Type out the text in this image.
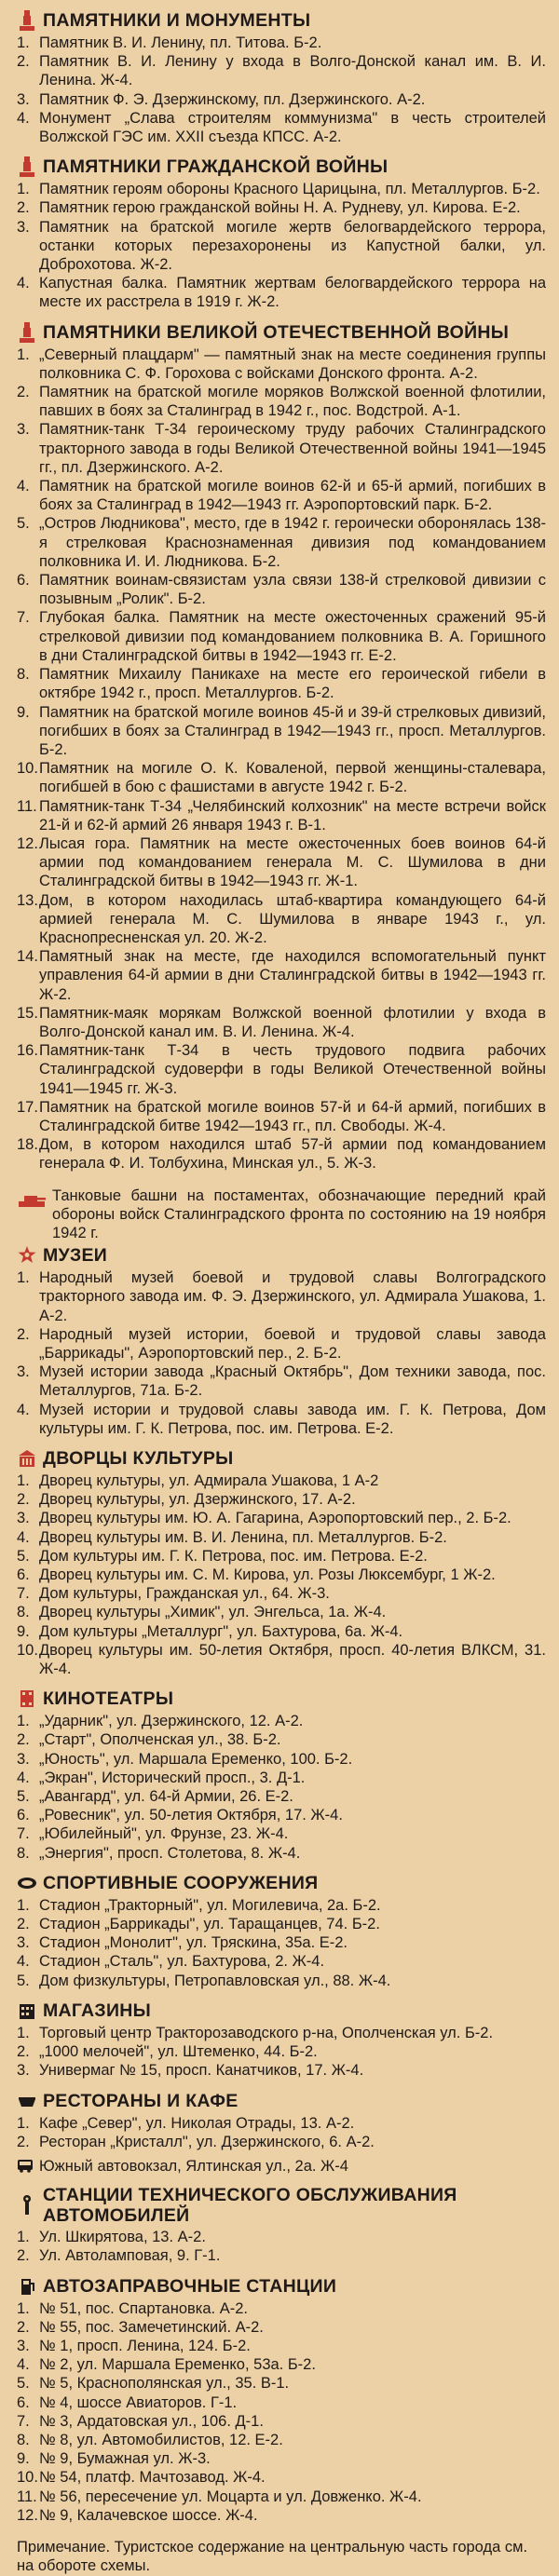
ПАМЯТНИКИ И МОНУМЕНТЫ
1. Памятник В. И. Ленину, пл. Титова. Б-2.
2. Памятник В. И. Ленину у входа в Волго-Донской канал им. В. И. Ленина. Ж-4.
3. Памятник Ф. Э. Дзержинскому, пл. Дзержинского. А-2.
4. Монумент „Слава строителям коммунизма" в честь строителей Волжской ГЭС им. XXII съезда КПСС. А-2.
ПАМЯТНИКИ ГРАЖДАНСКОЙ ВОЙНЫ
1. Памятник героям обороны Красного Царицына, пл. Металлургов. Б-2.
2. Памятник герою гражданской войны Н. А. Рудневу, ул. Кирова. Е-2.
3. Памятник на братской могиле жертв белогвардейского террора, останки которых перезахоронены из Капустной балки, ул. Доброхотова. Ж-2.
4. Капустная балка. Памятник жертвам белогвардейского террора на месте их расстрела в 1919 г. Ж-2.
ПАМЯТНИКИ ВЕЛИКОЙ ОТЕЧЕСТВЕННОЙ ВОЙНЫ
1. „Северный плацдарм" — памятный знак на месте соединения группы полковника С. Ф. Горохова с войсками Донского фронта. А-2.
2. Памятник на братской могиле моряков Волжской военной флотилии, павших в боях за Сталинград в 1942 г., пос. Водстрой. А-1.
3. Памятник-танк Т-34 героическому труду рабочих Сталинградского тракторного завода в годы Великой Отечественной войны 1941—1945 гг., пл. Дзержинского. А-2.
4. Памятник на братской могиле воинов 62-й и 65-й армий, погибших в боях за Сталинград в 1942—1943 гг. Аэропортовский парк. Б-2.
5. „Остров Людникова", место, где в 1942 г. героически оборонялась 138-я стрелковая Краснознаменная дивизия под командованием полковника И. И. Людникова. Б-2.
6. Памятник воинам-связистам узла связи 138-й стрелковой дивизии с позывным „Ролик". Б-2.
7. Глубокая балка. Памятник на месте ожесточенных сражений 95-й стрелковой дивизии под командованием полковника В. А. Горишного в дни Сталинградской битвы в 1942—1943 гг. Е-2.
8. Памятник Михаилу Паникахе на месте его героической гибели в октябре 1942 г., просп. Металлургов. Б-2.
9. Памятник на братской могиле воинов 45-й и 39-й стрелковых дивизий, погибших в боях за Сталинград в 1942—1943 гг., просп. Металлургов. Б-2.
10. Памятник на могиле О. К. Коваленой, первой женщины-сталевара, погибшей в бою с фашистами в августе 1942 г. Б-2.
11. Памятник-танк Т-34 „Челябинский колхозник" на месте встречи войск 21-й и 62-й армий 26 января 1943 г. В-1.
12. Лысая гора. Памятник на месте ожесточенных боев воинов 64-й армии под командованием генерала М. С. Шумилова в дни Сталинградской битвы в 1942—1943 гг. Ж-1.
13. Дом, в котором находилась штаб-квартира командующего 64-й армией генерала М. С. Шумилова в январе 1943 г., ул. Краснопресненская ул. 20. Ж-2.
14. Памятный знак на месте, где находился вспомогательный пункт управления 64-й армии в дни Сталинградской битвы в 1942—1943 гг. Ж-2.
15. Памятник-маяк морякам Волжской военной флотилии у входа в Волго-Донской канал им. В. И. Ленина. Ж-4.
16. Памятник-танк Т-34 в честь трудового подвига рабочих Сталинградской судоверфи в годы Великой Отечественной войны 1941—1945 гг. Ж-3.
17. Памятник на братской могиле воинов 57-й и 64-й армий, погибших в Сталинградской битве 1942—1943 гг., пл. Свободы. Ж-4.
18. Дом, в котором находился штаб 57-й армии под командованием генерала Ф. И. Толбухина, Минская ул., 5. Ж-3.
Танковые башни на постаментах, обозначающие передний край обороны войск Сталинградского фронта по состоянию на 19 ноября 1942 г.
МУЗЕИ
1. Народный музей боевой и трудовой славы Волгоградского тракторного завода им. Ф. Э. Дзержинского, ул. Адмирала Ушакова, 1. А-2.
2. Народный музей истории, боевой и трудовой славы завода „Баррикады", Аэропортовский пер., 2. Б-2.
3. Музей истории завода „Красный Октябрь", Дом техники завода, пос. Металлургов, 71а. Б-2.
4. Музей истории и трудовой славы завода им. Г. К. Петрова, Дом культуры им. Г. К. Петрова, пос. им. Петрова. Е-2.
ДВОРЦЫ КУЛЬТУРЫ
1. Дворец культуры, ул. Адмирала Ушакова, 1 А-2
2. Дворец культуры, ул. Дзержинского, 17. А-2.
3. Дворец культуры им. Ю. А. Гагарина, Аэропортовский пер., 2. Б-2.
4. Дворец культуры им. В. И. Ленина, пл. Металлургов. Б-2.
5. Дом культуры им. Г. К. Петрова, пос. им. Петрова. Е-2.
6. Дворец культуры им. С. М. Кирова, ул. Розы Люксембург, 1 Ж-2.
7. Дом культуры, Гражданская ул., 64. Ж-3.
8. Дворец культуры „Химик", ул. Энгельса, 1а. Ж-4.
9. Дом культуры „Металлург", ул. Бахтурова, 6а. Ж-4.
10. Дворец культуры им. 50-летия Октября, просп. 40-летия ВЛКСМ, 31. Ж-4.
КИНОТЕАТРЫ
1. „Ударник", ул. Дзержинского, 12. А-2.
2. „Старт", Ополченская ул., 38. Б-2.
3. „Юность", ул. Маршала Еременко, 100. Б-2.
4. „Экран", Исторический просп., 3. Д-1.
5. „Авангард", ул. 64-й Армии, 26. Е-2.
6. „Ровесник", ул. 50-летия Октября, 17. Ж-4.
7. „Юбилейный", ул. Фрунзе, 23. Ж-4.
8. „Энергия", просп. Столетова, 8. Ж-4.
СПОРТИВНЫЕ СООРУЖЕНИЯ
1. Стадион „Тракторный", ул. Могилевича, 2а. Б-2.
2. Стадион „Баррикады", ул. Таращанцев, 74. Б-2.
3. Стадион „Монолит", ул. Тряскина, 35а. Е-2.
4. Стадион „Сталь", ул. Бахтурова, 2. Ж-4.
5. Дом физкультуры, Петропавловская ул., 88. Ж-4.
МАГАЗИНЫ
1. Торговый центр Тракторозаводского р-на, Ополченская ул. Б-2.
2. „1000 мелочей", ул. Штеменко, 44. Б-2.
3. Универмаг № 15, просп. Канатчиков, 17. Ж-4.
РЕСТОРАНЫ И КАФЕ
1. Кафе „Север", ул. Николая Отрады, 13. А-2.
2. Ресторан „Кристалл", ул. Дзержинского, 6. А-2.
Южный автовокзал, Ялтинская ул., 2а. Ж-4
СТАНЦИИ ТЕХНИЧЕСКОГО ОБСЛУЖИВАНИЯ АВТОМОБИЛЕЙ
1. Ул. Шкирятова, 13. А-2.
2. Ул. Автоламповая, 9. Г-1.
АВТОЗАПРАВОЧНЫЕ СТАНЦИИ
1. № 51, пос. Спартановка. А-2.
2. № 55, пос. Замечетинский. А-2.
3. № 1, просп. Ленина, 124. Б-2.
4. № 2, ул. Маршала Еременко, 53а. Б-2.
5. № 5, Краснополянская ул., 35. В-1.
6. № 4, шоссе Авиаторов. Г-1.
7. № 3, Ардатовская ул., 106. Д-1.
8. № 8, ул. Автомобилистов, 12. Е-2.
9. № 9, Бумажная ул. Ж-3.
10. № 54, платф. Мачтозавод. Ж-4.
11. № 56, пересечение ул. Моцарта и ул. Довженко. Ж-4.
12. № 9, Калачевское шоссе. Ж-4.
Примечание. Туристское содержание на центральную часть города см. на обороте схемы.
